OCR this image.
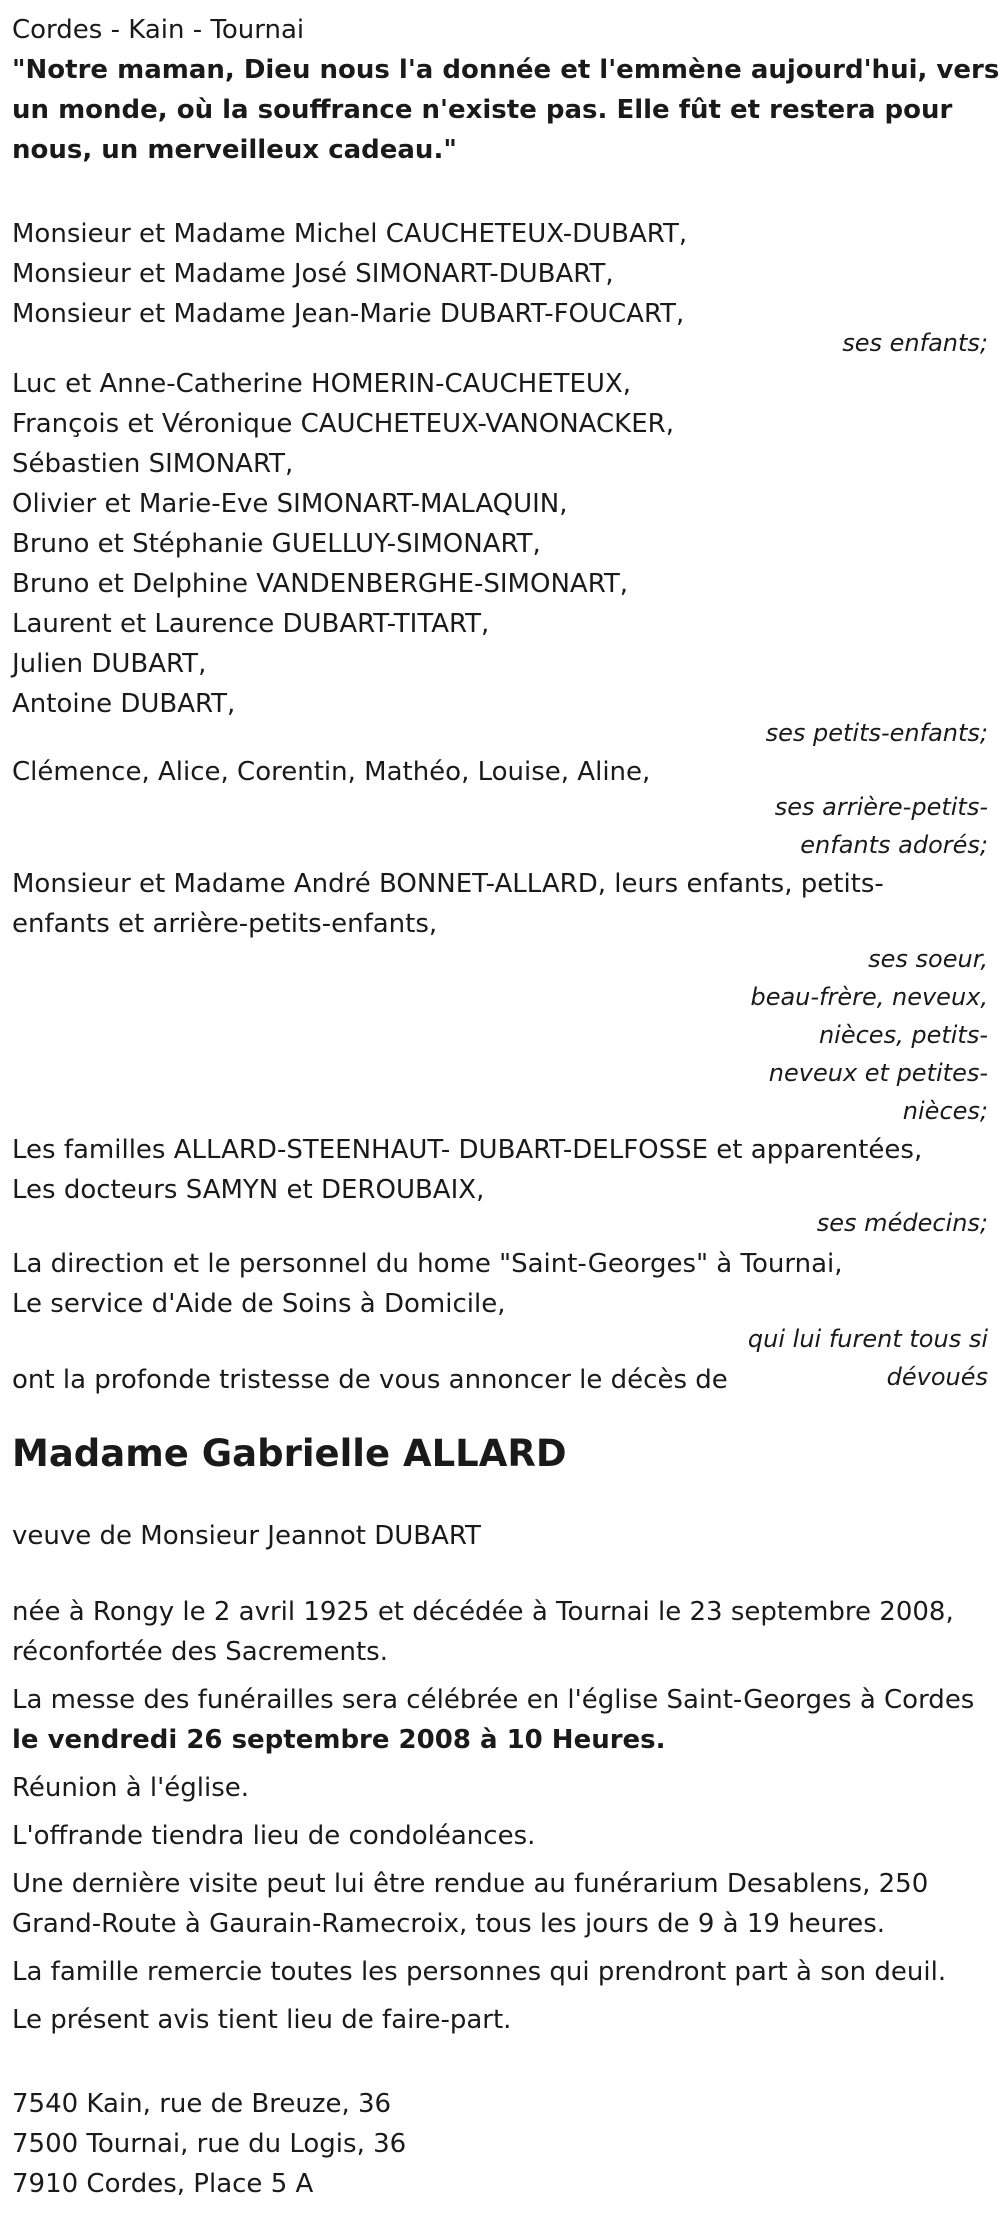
Cordes - Kain - Tournai
"Notre maman, Dieu nous l'a donnée et l'emmène aujourd'hui, vers un monde, où la souffrance n'existe pas. Elle fût et restera pour nous, un merveilleux cadeau."
Monsieur et Madame Michel CAUCHETEUX-DUBART,
Monsieur et Madame José SIMONART-DUBART,
Monsieur et Madame Jean-Marie DUBART-FOUCART,
ses enfants;
Luc et Anne-Catherine HOMERIN-CAUCHETEUX,
François et Véronique CAUCHETEUX-VANONACKER,
Sébastien SIMONART,
Olivier et Marie-Eve SIMONART-MALAQUIN,
Bruno et Stéphanie GUELLUY-SIMONART,
Bruno et Delphine VANDENBERGHE-SIMONART,
Laurent et Laurence DUBART-TITART,
Julien DUBART,
Antoine DUBART,
ses petits-enfants;
Clémence, Alice, Corentin, Mathéo, Louise, Aline,
ses arrière-petits-
enfants adorés;
Monsieur et Madame André BONNET-ALLARD, leurs enfants, petits-enfants et arrière-petits-enfants,
ses soeur,
beau-frère, neveux,
nièces, petits-
neveux et petites-
nièces;
Les familles ALLARD-STEENHAUT- DUBART-DELFOSSE et apparentées,
Les docteurs SAMYN et DEROUBAIX,
ses médecins;
La direction et le personnel du home "Saint-Georges" à Tournai,
Le service d'Aide de Soins à Domicile,
qui lui furent tous si
dévoués
ont la profonde tristesse de vous annoncer le décès de
Madame Gabrielle ALLARD
veuve de Monsieur Jeannot DUBART
née à Rongy le 2 avril 1925 et décédée à Tournai le 23 septembre 2008, réconfortée des Sacrements.
La messe des funérailles sera célébrée en l'église Saint-Georges à Cordes
le vendredi 26 septembre 2008 à 10 Heures.
Réunion à l'église.
L'offrande tiendra lieu de condoléances.
Une dernière visite peut lui être rendue au funérarium Desablens, 250 Grand-Route à Gaurain-Ramecroix, tous les jours de 9 à 19 heures.
La famille remercie toutes les personnes qui prendront part à son deuil.
Le présent avis tient lieu de faire-part.
7540 Kain, rue de Breuze, 36
7500 Tournai, rue du Logis, 36
7910 Cordes, Place 5 A
